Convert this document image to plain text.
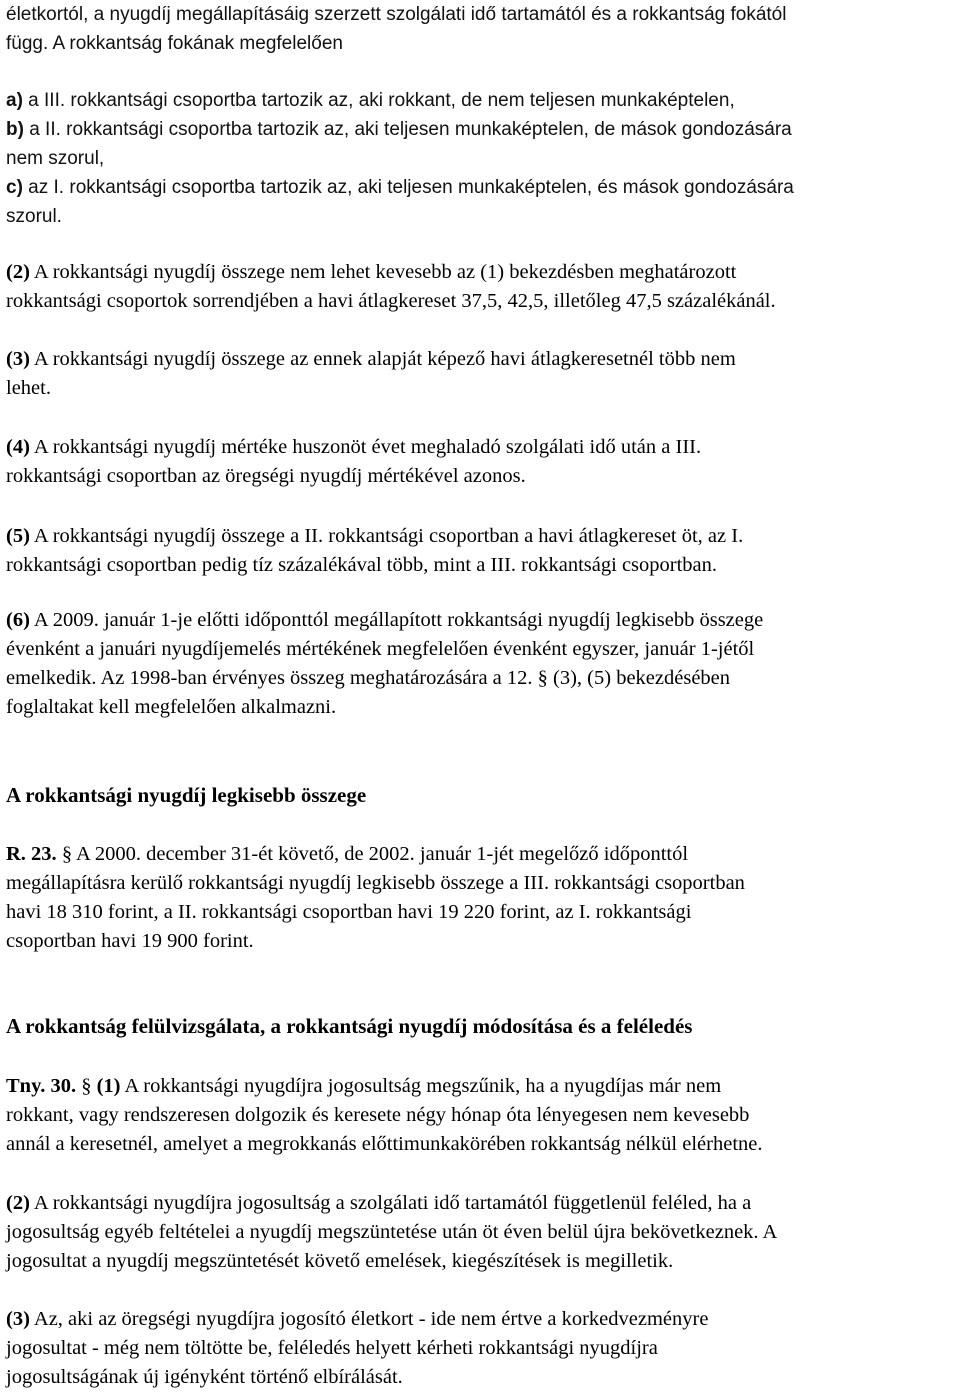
életkortól, a nyugdíj megállapításáig szerzett szolgálati idő tartamától és a rokkantság fokától
függ. A rokkantság fokának megfelelően
a) a III. rokkantsági csoportba tartozik az, aki rokkant, de nem teljesen munkaképtelen,
b) a II. rokkantsági csoportba tartozik az, aki teljesen munkaképtelen, de mások gondozására
nem szorul,
c) az I. rokkantsági csoportba tartozik az, aki teljesen munkaképtelen, és mások gondozására
szorul.
(2) A rokkantsági nyugdíj összege nem lehet kevesebb az (1) bekezdésben meghatározott
rokkantsági csoportok sorrendjében a havi átlagkereset 37,5, 42,5, illetőleg 47,5 százalékánál.
(3) A rokkantsági nyugdíj összege az ennek alapját képező havi átlagkeresetnél több nem
lehet.
(4) A rokkantsági nyugdíj mértéke huszonöt évet meghaladó szolgálati idő után a III.
rokkantsági csoportban az öregségi nyugdíj mértékével azonos.
(5) A rokkantsági nyugdíj összege a II. rokkantsági csoportban a havi átlagkereset öt, az I.
rokkantsági csoportban pedig tíz százalékával több, mint a III. rokkantsági csoportban.
(6) A 2009. január 1-je előtti időponttól megállapított rokkantsági nyugdíj legkisebb összege
évenként a januári nyugdíjemelés mértékének megfelelően évenként egyszer, január 1-jétől
emelkedik. Az 1998-ban érvényes összeg meghatározására a 12. § (3), (5) bekezdésében
foglaltakat kell megfelelően alkalmazni.
A rokkantsági nyugdíj legkisebb összege
R. 23. § A 2000. december 31-ét követő, de 2002. január 1-jét megelőző időponttól
megállapításra kerülő rokkantsági nyugdíj legkisebb összege a III. rokkantsági csoportban
havi 18 310 forint, a II. rokkantsági csoportban havi 19 220 forint, az I. rokkantsági
csoportban havi 19 900 forint.
A rokkantság felülvizsgálata, a rokkantsági nyugdíj módosítása és a feléledés
Tny. 30. § (1) A rokkantsági nyugdíjra jogosultság megszűnik, ha a nyugdíjas már nem
rokkant, vagy rendszeresen dolgozik és keresete négy hónap óta lényegesen nem kevesebb
annál a keresetnél, amelyet a megrokkanás előttimunkakörében rokkantság nélkül elérhetne.
(2) A rokkantsági nyugdíjra jogosultság a szolgálati idő tartamától függetlenül feléled, ha a
jogosultság egyéb feltételei a nyugdíj megszüntetése után öt éven belül újra bekövetkeznek. A
jogosultat a nyugdíj megszüntetését követő emelések, kiegészítések is megilletik.
(3) Az, aki az öregségi nyugdíjra jogosító életkort - ide nem értve a korkedvezményre
jogosultat - még nem töltötte be, feléledés helyett kérheti rokkantsági nyugdíjra
jogosultságának új igényként történő elbírálását.
